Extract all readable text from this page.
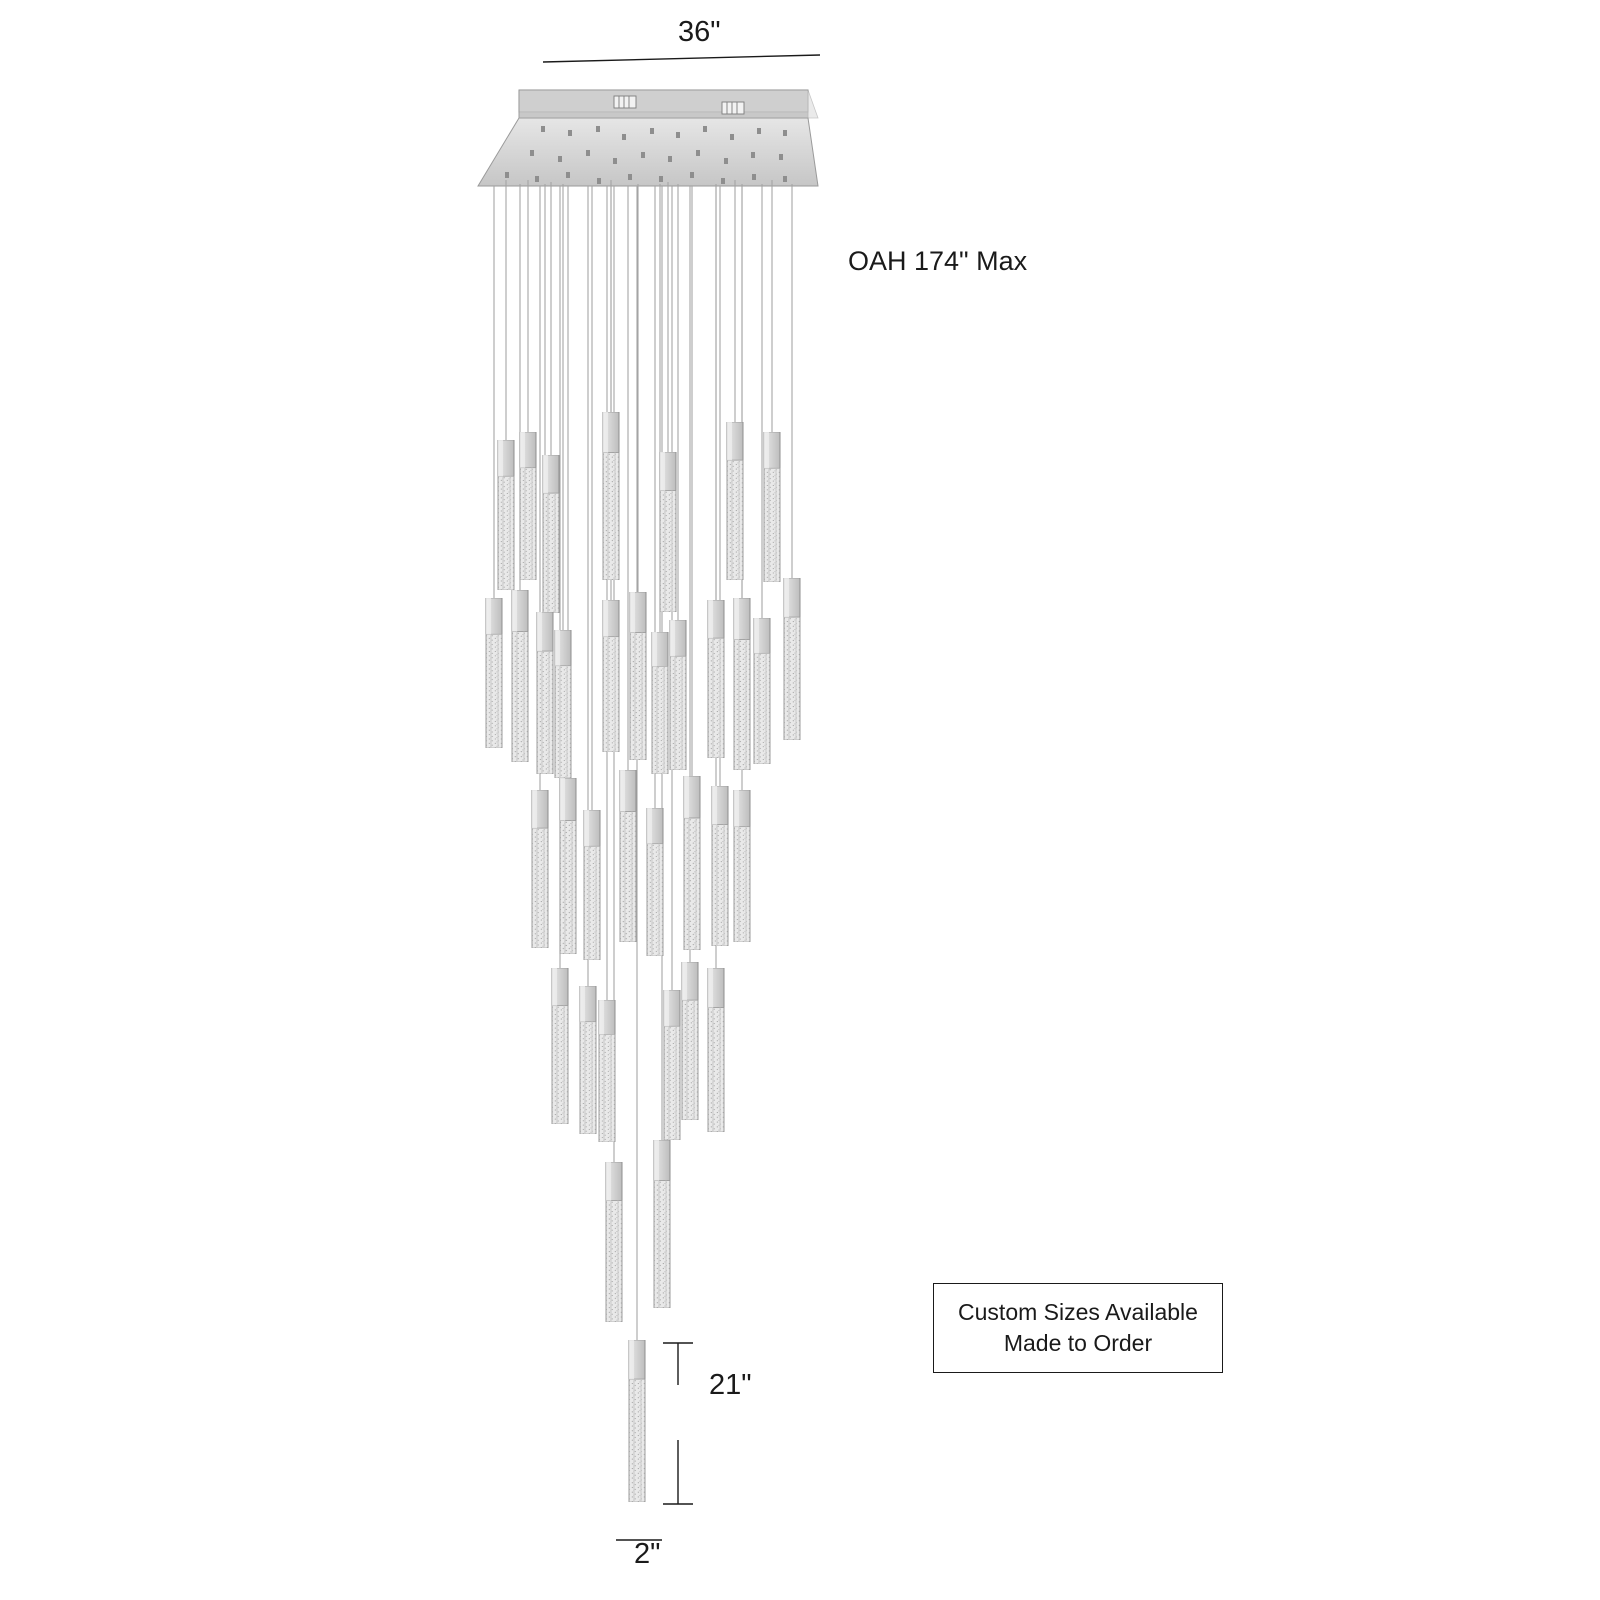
36"
OAH 174" Max
21"
2"
Custom Sizes Available
Made to Order
